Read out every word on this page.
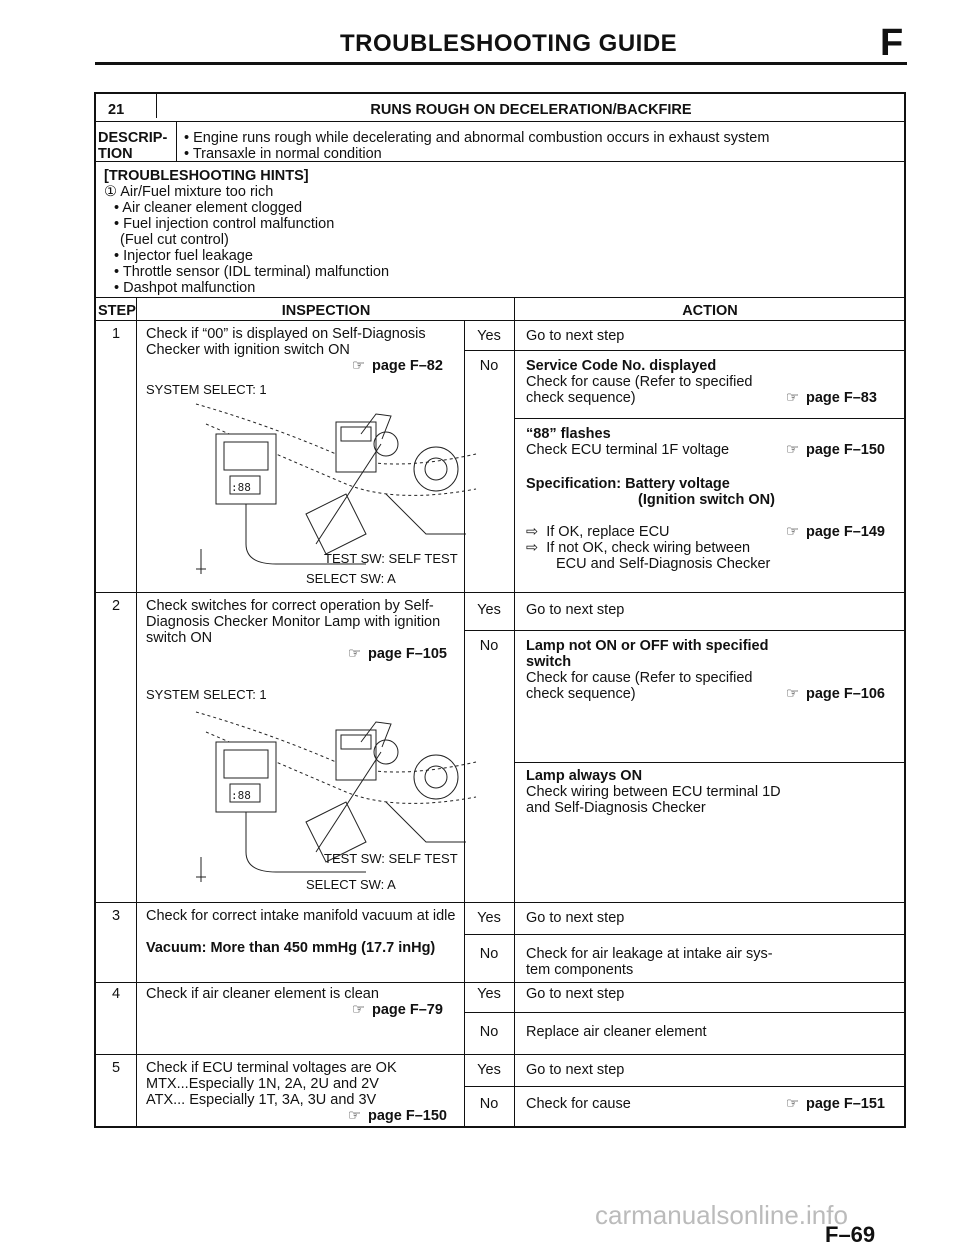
TROUBLESHOOTING GUIDE	F
21	RUNS ROUGH ON DECELERATION/BACKFIRE
DESCRIP-
TION
• Engine runs rough while decelerating and abnormal combustion occurs in exhaust system
• Transaxle in normal condition
[TROUBLESHOOTING HINTS]
① Air/Fuel mixture too rich
• Air cleaner element clogged
• Fuel injection control malfunction
(Fuel cut control)
• Injector fuel leakage
• Throttle sensor (IDL terminal) malfunction
• Dashpot malfunction
STEP	INSPECTION	ACTION
1	Check if “00” is displayed on Self-Diagnosis
Checker with ignition switch ON
☞ page F–82
SYSTEM SELECT: 1
:88
TEST SW: SELF TEST
SELECT SW: A
Yes	Go to next step
No	Service Code No. displayed
Check for cause (Refer to specified
check sequence)	☞ page F–83
“88” flashes
Check ECU terminal 1F voltage	☞ page F–150
Specification: Battery voltage
(Ignition switch ON)
⇨ If OK, replace ECU	☞ page F–149
⇨ If not OK, check wiring between
ECU and Self-Diagnosis Checker
2	Check switches for correct operation by Self-
Diagnosis Checker Monitor Lamp with ignition
switch ON
☞ page F–105
SYSTEM SELECT: 1
:88
TEST SW: SELF TEST
SELECT SW: A
Yes	Go to next step
No	Lamp not ON or OFF with specified
switch
Check for cause (Refer to specified
check sequence)	☞ page F–106
Lamp always ON
Check wiring between ECU terminal 1D
and Self-Diagnosis Checker
3	Check for correct intake manifold vacuum at idle
Vacuum: More than 450 mmHg (17.7 inHg)
Yes	Go to next step
No	Check for air leakage at intake air sys-
tem components
4	Check if air cleaner element is clean
☞ page F–79
Yes	Go to next step
No	Replace air cleaner element
5	Check if ECU terminal voltages are OK
MTX...Especially 1N, 2A, 2U and 2V
ATX... Especially 1T, 3A, 3U and 3V
☞ page F–150
Yes	Go to next step
No	Check for cause	☞ page F–151
carmanualsonline.info
F–69
